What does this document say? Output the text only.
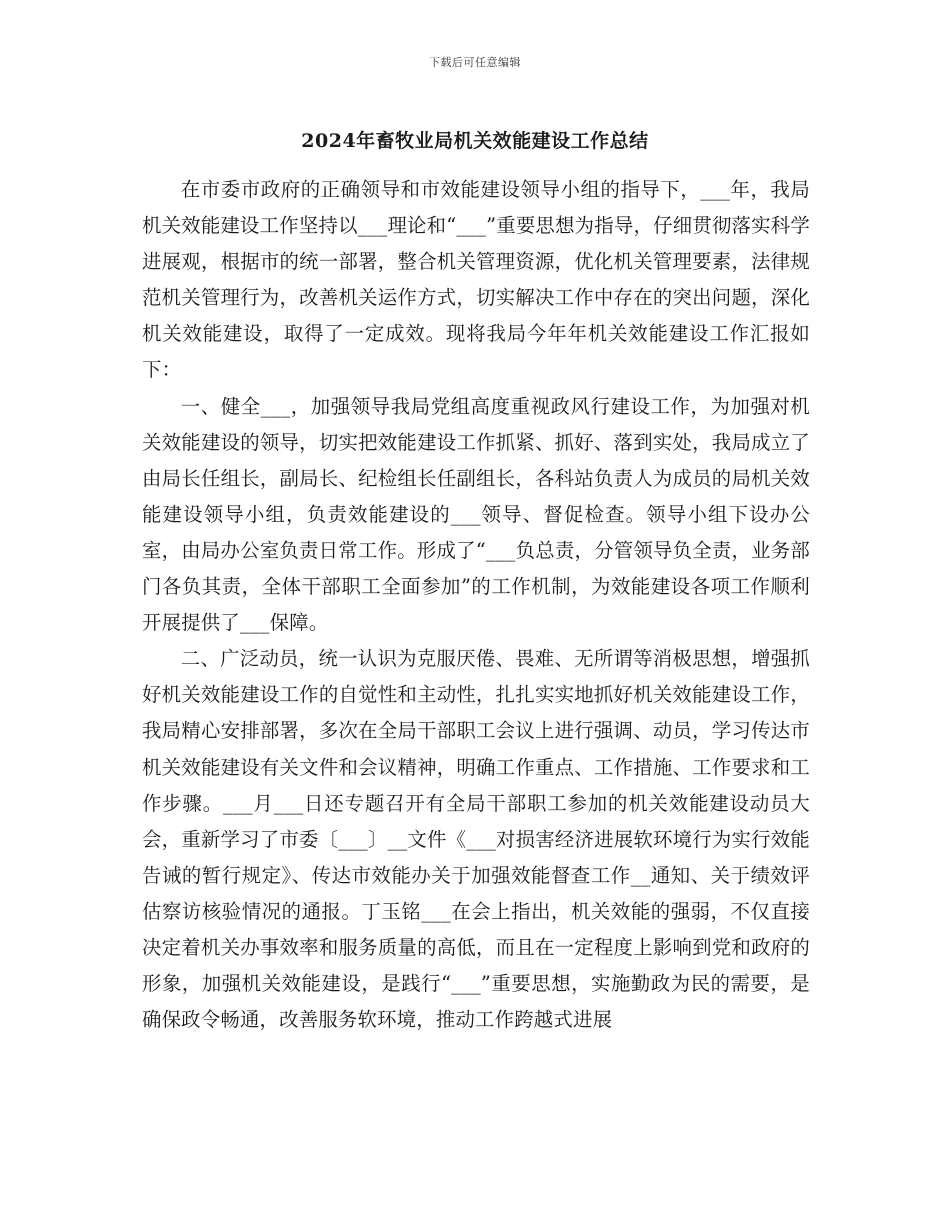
下载后可任意编辑
2024年畜牧业局机关效能建设工作总结

在市委市政府的正确领导和市效能建设领导小组的指导下，___年，我局机关效能建设工作坚持以___理论和“___”重要思想为指导，仔细贯彻落实科学进展观，根据市的统一部署，整合机关管理资源，优化机关管理要素，法律规范机关管理行为，改善机关运作方式，切实解决工作中存在的突出问题，深化机关效能建设，取得了一定成效。现将我局今年年机关效能建设工作汇报如下：

一、健全___，加强领导我局党组高度重视政风行建设工作，为加强对机关效能建设的领导，切实把效能建设工作抓紧、抓好、落到实处，我局成立了由局长任组长，副局长、纪检组长任副组长，各科站负责人为成员的局机关效能建设领导小组，负责效能建设的___领导、督促检查。领导小组下设办公室，由局办公室负责日常工作。形成了“___负总责，分管领导负全责，业务部门各负其责，全体干部职工全面参加”的工作机制，为效能建设各项工作顺利开展提供了___保障。

二、广泛动员，统一认识为克服厌倦、畏难、无所谓等消极思想，增强抓好机关效能建设工作的自觉性和主动性，扎扎实实地抓好机关效能建设工作，我局精心安排部署，多次在全局干部职工会议上进行强调、动员，学习传达市机关效能建设有关文件和会议精神，明确工作重点、工作措施、工作要求和工作步骤。___月___日还专题召开有全局干部职工参加的机关效能建设动员大会，重新学习了市委〔___〕__文件《___对损害经济进展软环境行为实行效能告诫的暂行规定》、传达市效能办关于加强效能督查工作__通知、关于绩效评估察访核验情况的通报。丁玉铭___在会上指出，机关效能的强弱，不仅直接决定着机关办事效率和服务质量的高低，而且在一定程度上影响到党和政府的形象，加强机关效能建设，是践行“___”重要思想，实施勤政为民的需要，是确保政令畅通，改善服务软环境，推动工作跨越式进展
